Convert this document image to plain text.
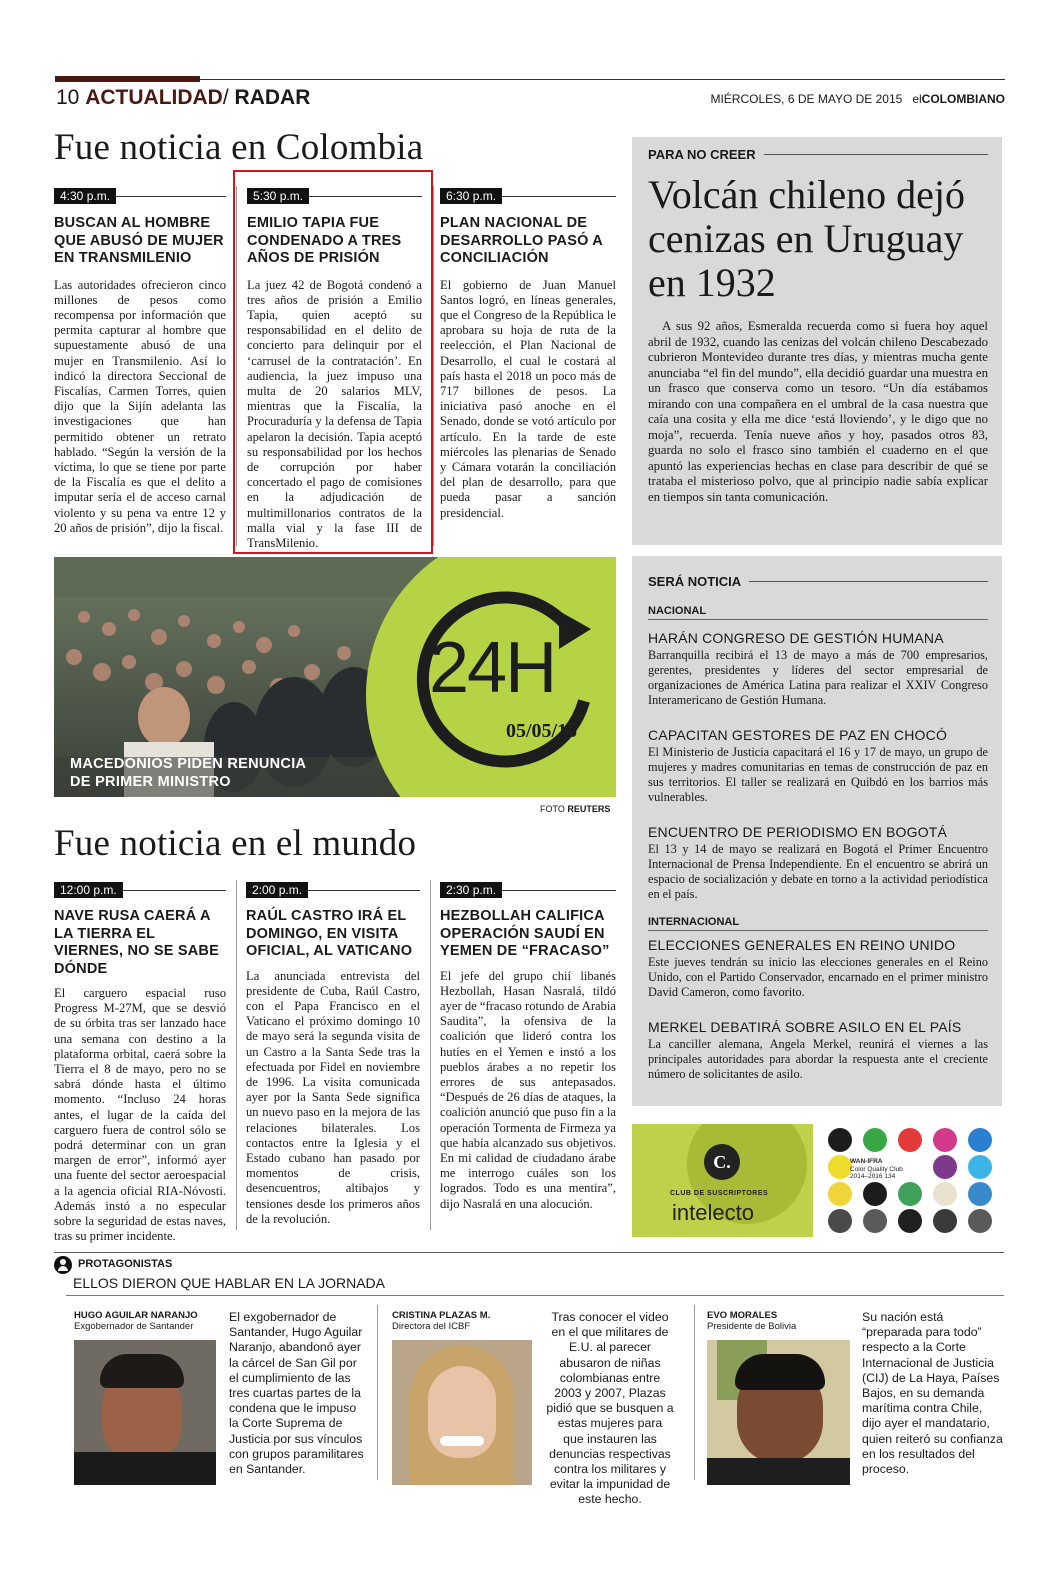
10 ACTUALIDAD/ RADAR	MIÉRCOLES, 6 DE MAYO DE 2015 elCOLOMBIANO
Fue noticia en Colombia
4:30 p.m.
BUSCAN AL HOMBRE QUE ABUSÓ DE MUJER EN TRANSMILENIO
Las autoridades ofrecieron cinco millones de pesos como recompensa por información que permita capturar al hombre que supuestamente abusó de una mujer en Transmilenio. Así lo indicó la directora Seccional de Fiscalías, Carmen Torres, quien dijo que la Sijín adelanta las investigaciones que han permitido obtener un retrato hablado. “Según la versión de la víctima, lo que se tiene por parte de la Fiscalía es que el delito a imputar sería el de acceso carnal violento y su pena va entre 12 y 20 años de prisión”, dijo la fiscal.
5:30 p.m.
EMILIO TAPIA FUE CONDENADO A TRES AÑOS DE PRISIÓN
La juez 42 de Bogotá condenó a tres años de prisión a Emilio Tapia, quien aceptó su responsabilidad en el delito de concierto para delinquir por el ‘carrusel de la contratación’. En audiencia, la juez impuso una multa de 20 salarios MLV, mientras que la Fiscalía, la Procuraduría y la defensa de Tapia apelaron la decisión. Tapia aceptó su responsabilidad por los hechos de corrupción por haber concertado el pago de comisiones en la adjudicación de multimillonarios contratos de la malla vial y la fase III de TransMilenio.
6:30 p.m.
PLAN NACIONAL DE DESARROLLO PASÓ A CONCILIACIÓN
El gobierno de Juan Manuel Santos logró, en líneas generales, que el Congreso de la República le aprobara su hoja de ruta de la reelección, el Plan Nacional de Desarrollo, el cual le costará al país hasta el 2018 un poco más de 717 billones de pesos. La iniciativa pasó anoche en el Senado, donde se votó artículo por artículo. En la tarde de este miércoles las plenarias de Senado y Cámara votarán la conciliación del plan de desarrollo, para que pueda pasar a sanción presidencial.
PARA NO CREER
Volcán chileno dejó cenizas en Uruguay en 1932
A sus 92 años, Esmeralda recuerda como si fuera hoy aquel abril de 1932, cuando las cenizas del volcán chileno Descabezado cubrieron Montevideo durante tres días, y mientras mucha gente anunciaba “el fin del mundo”, ella decidió guardar una muestra en un frasco que conserva como un tesoro. “Un día estábamos mirando con una compañera en el umbral de la casa nuestra que caía una cosita y ella me dice ‘está lloviendo’, y le digo que no moja”, recuerda. Tenía nueve años y hoy, pasados otros 83, guarda no solo el frasco sino también el cuaderno en el que apuntó las experiencias hechas en clase para describir de qué se trataba el misterioso polvo, que al principio nadie sabía explicar en tiempos sin tanta comunicación.
24H
05/05/15
MACEDONIOS PIDEN RENUNCIA
DE PRIMER MINISTRO
FOTO REUTERS
SERÁ NOTICIA
NACIONAL
HARÁN CONGRESO DE GESTIÓN HUMANA
Barranquilla recibirá el 13 de mayo a más de 700 empresarios, gerentes, presidentes y líderes del sector empresarial de organizaciones de América Latina para realizar el XXIV Congreso Interamericano de Gestión Humana.
CAPACITAN GESTORES DE PAZ EN CHOCÓ
El Ministerio de Justicia capacitará el 16 y 17 de mayo, un grupo de mujeres y madres comunitarias en temas de construcción de paz en sus territorios. El taller se realizará en Quibdó en los barrios más vulnerables.
ENCUENTRO DE PERIODISMO EN BOGOTÁ
El 13 y 14 de mayo se realizará en Bogotá el Primer Encuentro Internacional de Prensa Independiente. En el encuentro se abrirá un espacio de socialización y debate en torno a la actividad periodística en el país.
INTERNACIONAL
ELECCIONES GENERALES EN REINO UNIDO
Este jueves tendrán su inicio las elecciones generales en el Reino Unido, con el Partido Conservador, encarnado en el primer ministro David Cameron, como favorito.
MERKEL DEBATIRÁ SOBRE ASILO EN EL PAÍS
La canciller alemana, Angela Merkel, reunirá el viernes a las principales autoridades para abordar la respuesta ante el creciente número de solicitantes de asilo.
Fue noticia en el mundo
12:00 p.m.
NAVE RUSA CAERÁ A LA TIERRA EL VIERNES, NO SE SABE DÓNDE
El carguero espacial ruso Progress M-27M, que se desvió de su órbita tras ser lanzado hace una semana con destino a la plataforma orbital, caerá sobre la Tierra el 8 de mayo, pero no se sabrá dónde hasta el último momento. “Incluso 24 horas antes, el lugar de la caída del carguero fuera de control sólo se podrá determinar con un gran margen de error”, informó ayer una fuente del sector aeroespacial a la agencia oficial RIA-Nóvosti. Además instó a no especular sobre la seguridad de estas naves, tras su primer incidente.
2:00 p.m.
RAÚL CASTRO IRÁ EL DOMINGO, EN VISITA OFICIAL, AL VATICANO
La anunciada entrevista del presidente de Cuba, Raúl Castro, con el Papa Francisco en el Vaticano el próximo domingo 10 de mayo será la segunda visita de un Castro a la Santa Sede tras la efectuada por Fidel en noviembre de 1996. La visita comunicada ayer por la Santa Sede significa un nuevo paso en la mejora de las relaciones bilaterales. Los contactos entre la Iglesia y el Estado cubano han pasado por momentos de crisis, desencuentros, altibajos y tensiones desde los primeros años de la revolución.
2:30 p.m.
HEZBOLLAH CALIFICA OPERACIÓN SAUDÍ EN YEMEN DE “FRACASO”
El jefe del grupo chií libanés Hezbollah, Hasan Nasralá, tildó ayer de “fracaso rotundo de Arabia Saudita”, la ofensiva de la coalición que lideró contra los hutíes en el Yemen e instó a los pueblos árabes a no repetir los errores de sus antepasados. “Después de 26 días de ataques, la coalición anunció que puso fin a la operación Tormenta de Firmeza ya que había alcanzado sus objetivos. En mi calidad de ciudadano árabe me interrogo cuáles son los logrados. Todo es una mentira”, dijo Nasralá en una alocución.
C.
CLUB DE SUSCRIPTORES
intelecto
WAN-IFRA
Color Quality Club
2014–2016 134
PROTAGONISTAS
ELLOS DIERON QUE HABLAR EN LA JORNADA
HUGO AGUILAR NARANJO
Exgobernador de Santander
El exgobernador de Santander, Hugo Aguilar Naranjo, abandonó ayer la cárcel de San Gil por el cumplimiento de las tres cuartas partes de la condena que le impuso la Corte Suprema de Justicia por sus vínculos con grupos paramilitares en Santander.
CRISTINA PLAZAS M.
Directora del ICBF
Tras conocer el video en el que militares de E.U. al parecer abusaron de niñas colombianas entre 2003 y 2007, Plazas pidió que se busquen a estas mujeres para que instauren las denuncias respectivas contra los militares y evitar la impunidad de este hecho.
EVO MORALES
Presidente de Bolivia
Su nación está “preparada para todo” respecto a la Corte Internacional de Justicia (CIJ) de La Haya, Países Bajos, en su demanda marítima contra Chile, dijo ayer el mandatario, quien reiteró su confianza en los resultados del proceso.
